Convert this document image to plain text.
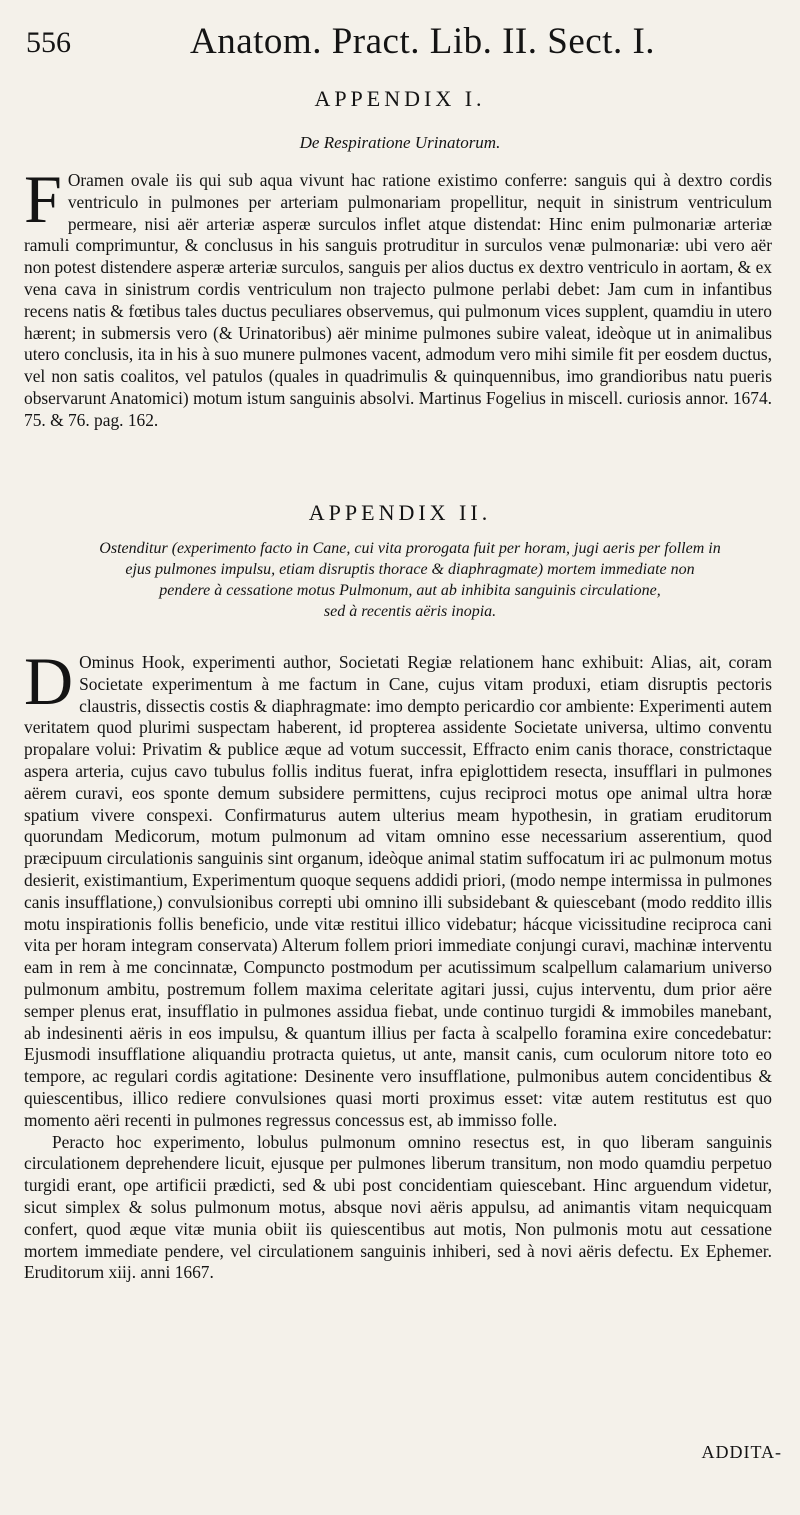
556	Anatom. Pract. Lib. II. Sect. I.
APPENDIX I.
De Respiratione Urinatorum.

F Oramen ovale iis qui sub aqua vivunt hac ratione existimo conferre: sanguis qui à dextro cordis ventriculo in pulmones per arteriam pulmonariam propellitur, nequit in sinistrum ventriculum permeare, nisi aër arteriæ asperæ surculos inflet atque distendat: Hinc enim pulmonariæ arteriæ ramuli comprimuntur, & conclusus in his sanguis protruditur in surculos venæ pulmonariæ: ubi vero aër non potest distendere asperæ arteriæ surculos, sanguis per alios ductus ex dextro ventriculo in aortam, & ex vena cava in sinistrum cordis ventriculum non trajecto pulmone perlabi debet: Jam cum in infantibus recens natis & fœtibus tales ductus peculiares observemus, qui pulmonum vices supplent, quamdiu in utero hærent; in submersis vero (& Urinatoribus) aër minime pulmones subire valeat, ideòque ut in animalibus utero conclusis, ita in his à suo munere pulmones vacent, admodum vero mihi simile fit per eosdem ductus, vel non satis coalitos, vel patulos (quales in quadrimulis & quinquennibus, imo grandioribus natu pueris observarunt Anatomici) motum istum sanguinis absolvi. Martinus Fogelius in miscell. curiosis annor. 1674. 75. & 76. pag. 162.

APPENDIX II.
Ostenditur (experimento facto in Cane, cui vita prorogata fuit per horam, jugi aeris per follem in
ejus pulmones impulsu, etiam disruptis thorace & diaphragmate) mortem immediate non
pendere à cessatione motus Pulmonum, aut ab inhibita sanguinis circulatione,
sed à recentis aëris inopia.

D Ominus Hook, experimenti author, Societati Regiæ relationem hanc exhibuit: Alias, ait, coram Societate experimentum à me factum in Cane, cujus vitam produxi, etiam disruptis pectoris claustris, dissectis costis & diaphragmate: imo dempto pericardio cor ambiente: Experimenti autem veritatem quod plurimi suspectam haberent, id propterea assidente Societate universa, ultimo conventu propalare volui: Privatim & publice æque ad votum successit, Effracto enim canis thorace, constrictaque aspera arteria, cujus cavo tubulus follis inditus fuerat, infra epiglottidem resecta, insufflari in pulmones aërem curavi, eos sponte demum subsidere permittens, cujus reciproci motus ope animal ultra horæ spatium vivere conspexi. Confirmaturus autem ulterius meam hypothesin, in gratiam eruditorum quorundam Medicorum, motum pulmonum ad vitam omnino esse necessarium asserentium, quod præcipuum circulationis sanguinis sint organum, ideòque animal statim suffocatum iri ac pulmonum motus desierit, existimantium, Experimentum quoque sequens addidi priori, (modo nempe intermissa in pulmones canis insufflatione,) convulsionibus correpti ubi omnino illi subsidebant & quiescebant (modo reddito illis motu inspirationis follis beneficio, unde vitæ restitui illico videbatur; hácque vicissitudine reciproca cani vita per horam integram conservata) Alterum follem priori immediate conjungi curavi, machinæ interventu eam in rem à me concinnatæ, Compuncto postmodum per acutissimum scalpellum calamarium universo pulmonum ambitu, postremum follem maxima celeritate agitari jussi, cujus interventu, dum prior aëre semper plenus erat, insufflatio in pulmones assidua fiebat, unde continuo turgidi & immobiles manebant, ab indesinenti aëris in eos impulsu, & quantum illius per facta à scalpello foramina exire concedebatur: Ejusmodi insufflatione aliquandiu protracta quietus, ut ante, mansit canis, cum oculorum nitore toto eo tempore, ac regulari cordis agitatione: Desinente vero insufflatione, pulmonibus autem concidentibus & quiescentibus, illico rediere convulsiones quasi morti proximus esset: vitæ autem restitutus est quo momento aëri recenti in pulmones regressus concessus est, ab immisso folle.

Peracto hoc experimento, lobulus pulmonum omnino resectus est, in quo liberam sanguinis circulationem deprehendere licuit, ejusque per pulmones liberum transitum, non modo quamdiu perpetuo turgidi erant, ope artificii prædicti, sed & ubi post concidentiam quiescebant. Hinc arguendum videtur, sicut simplex & solus pulmonum motus, absque novi aëris appulsu, ad animantis vitam nequicquam confert, quod æque vitæ munia obiit iis quiescentibus aut motis, Non pulmonis motu aut cessatione mortem immediate pendere, vel circulationem sanguinis inhiberi, sed à novi aëris defectu. Ex Ephemer. Eruditorum xiij. anni 1667.

ADDITA-
